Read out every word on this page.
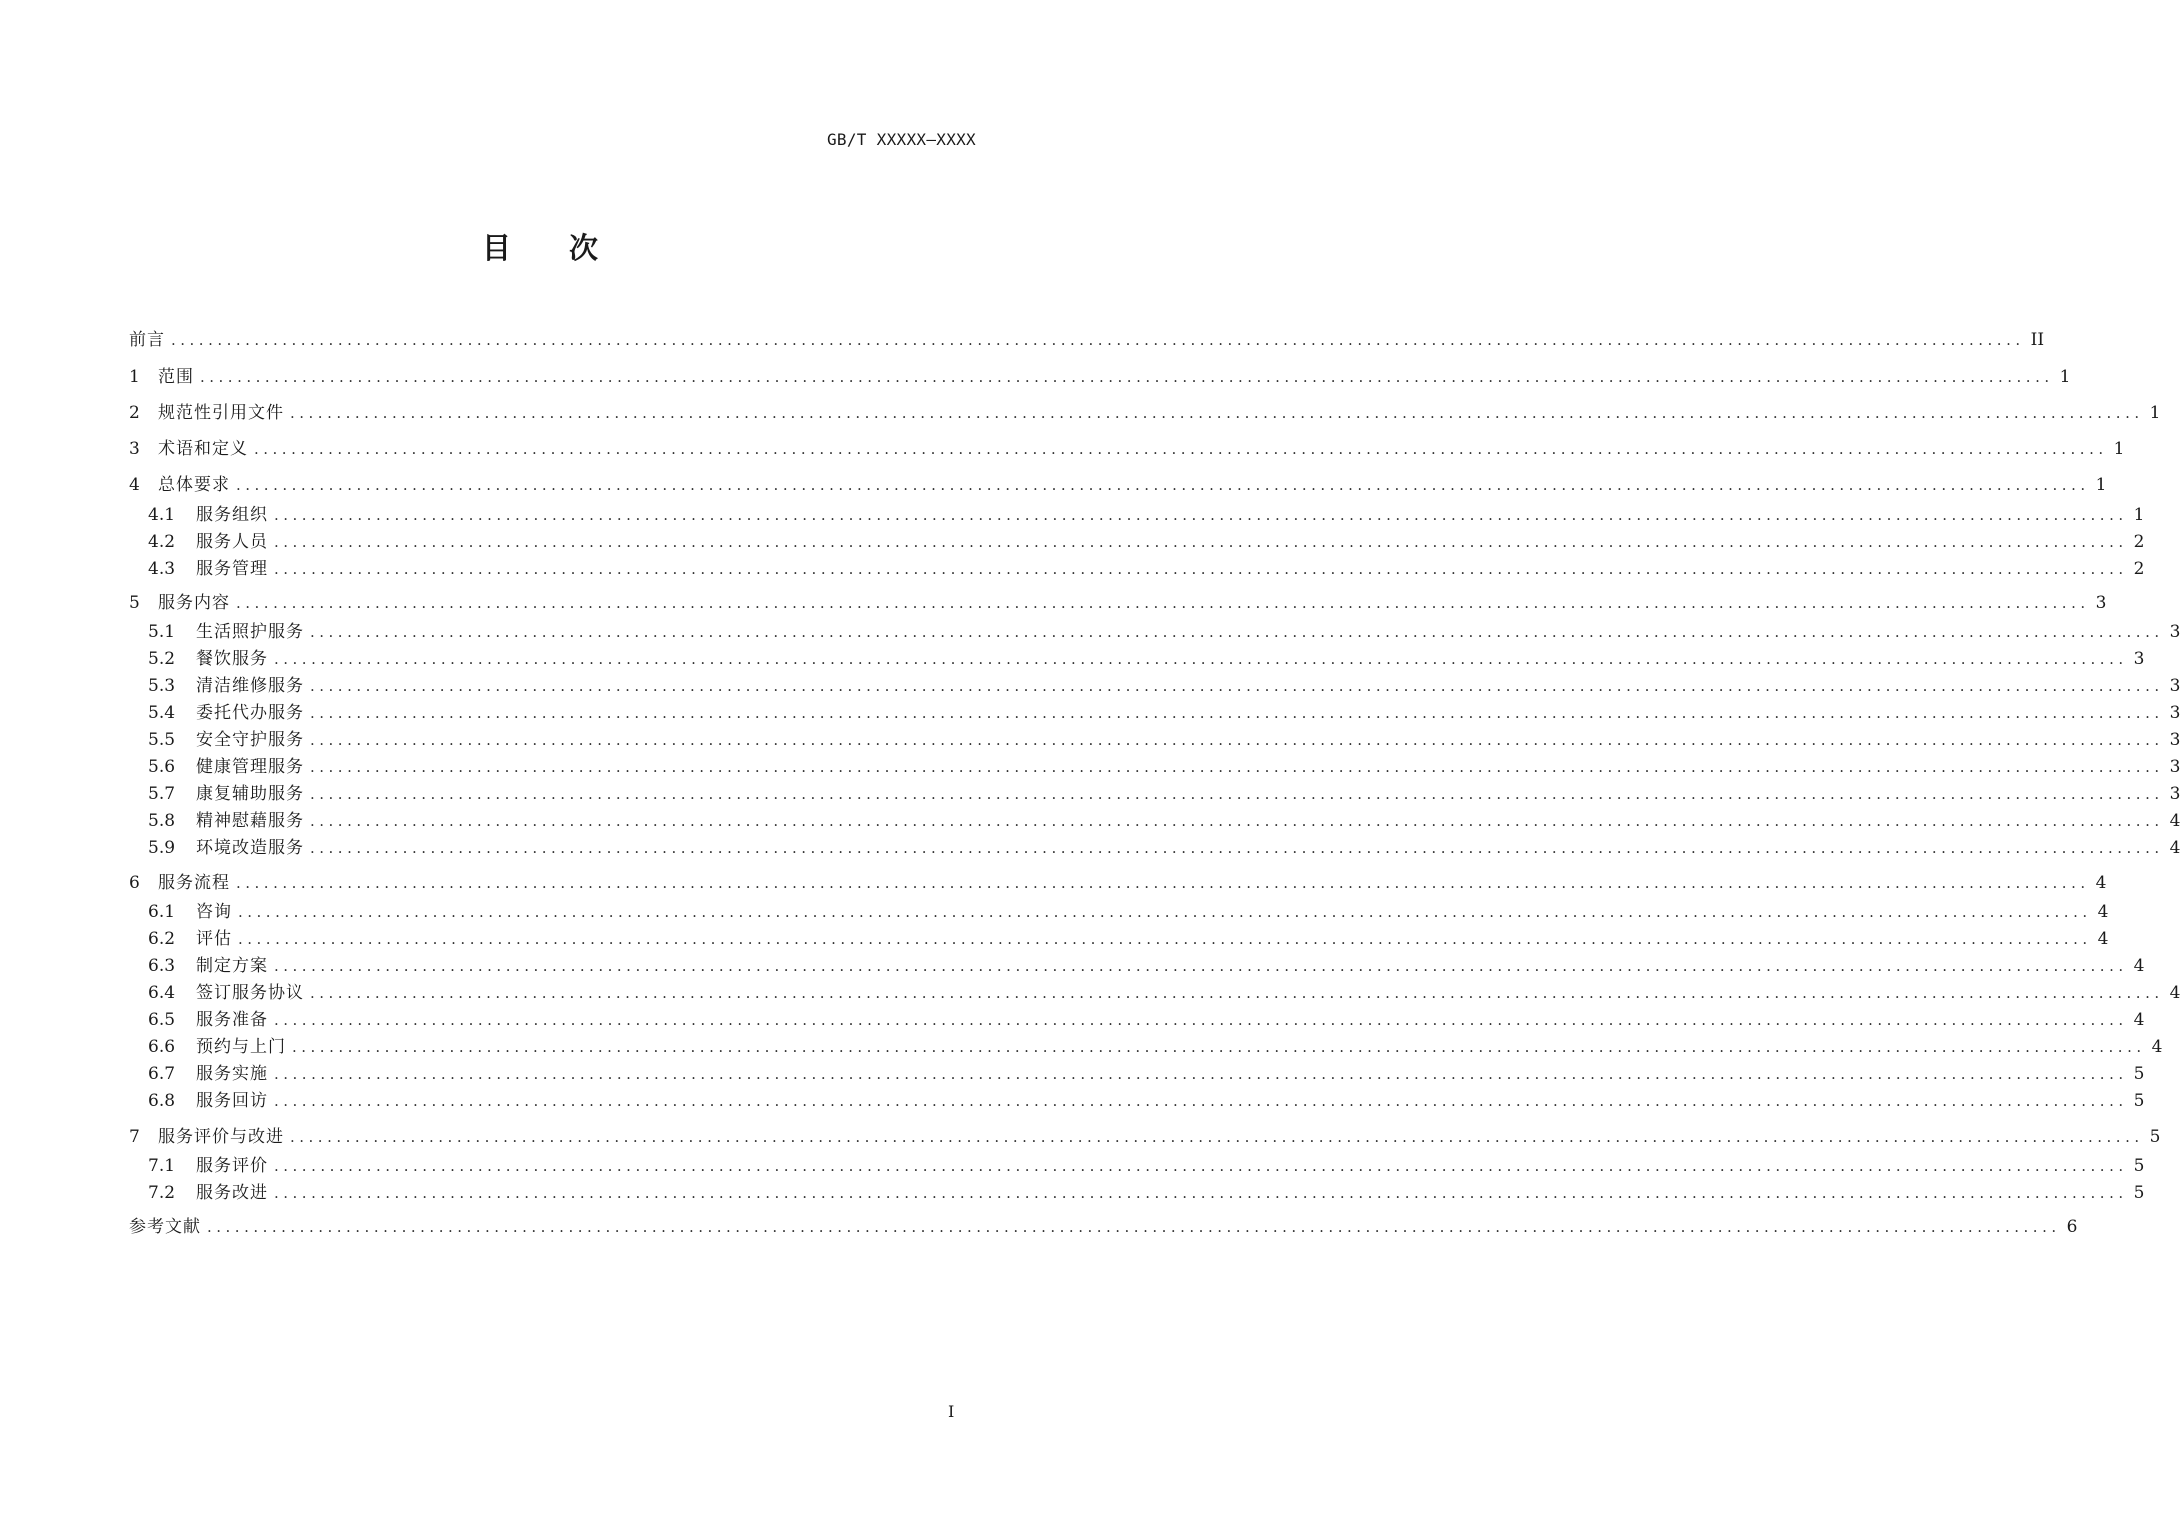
GB/T XXXXX—XXXX
目次
前言 ........................................................................................................................................................................................................ II
1	范围 ........................................................................................................................................................................................................ 1
2	规范性引用文件 ........................................................................................................................................................................................................ 1
3	术语和定义 ........................................................................................................................................................................................................ 1
4	总体要求 ........................................................................................................................................................................................................ 1
4.1	服务组织 ........................................................................................................................................................................................................ 1
4.2	服务人员 ........................................................................................................................................................................................................ 2
4.3	服务管理 ........................................................................................................................................................................................................ 2
5	服务内容 ........................................................................................................................................................................................................ 3
5.1	生活照护服务 ........................................................................................................................................................................................................ 3
5.2	餐饮服务 ........................................................................................................................................................................................................ 3
5.3	清洁维修服务 ........................................................................................................................................................................................................ 3
5.4	委托代办服务 ........................................................................................................................................................................................................ 3
5.5	安全守护服务 ........................................................................................................................................................................................................ 3
5.6	健康管理服务 ........................................................................................................................................................................................................ 3
5.7	康复辅助服务 ........................................................................................................................................................................................................ 3
5.8	精神慰藉服务 ........................................................................................................................................................................................................ 4
5.9	环境改造服务 ........................................................................................................................................................................................................ 4
6	服务流程 ........................................................................................................................................................................................................ 4
6.1	咨询 ........................................................................................................................................................................................................ 4
6.2	评估 ........................................................................................................................................................................................................ 4
6.3	制定方案 ........................................................................................................................................................................................................ 4
6.4	签订服务协议 ........................................................................................................................................................................................................ 4
6.5	服务准备 ........................................................................................................................................................................................................ 4
6.6	预约与上门 ........................................................................................................................................................................................................ 4
6.7	服务实施 ........................................................................................................................................................................................................ 5
6.8	服务回访 ........................................................................................................................................................................................................ 5
7	服务评价与改进 ........................................................................................................................................................................................................ 5
7.1	服务评价 ........................................................................................................................................................................................................ 5
7.2	服务改进 ........................................................................................................................................................................................................ 5
参考文献 ........................................................................................................................................................................................................ 6
I
